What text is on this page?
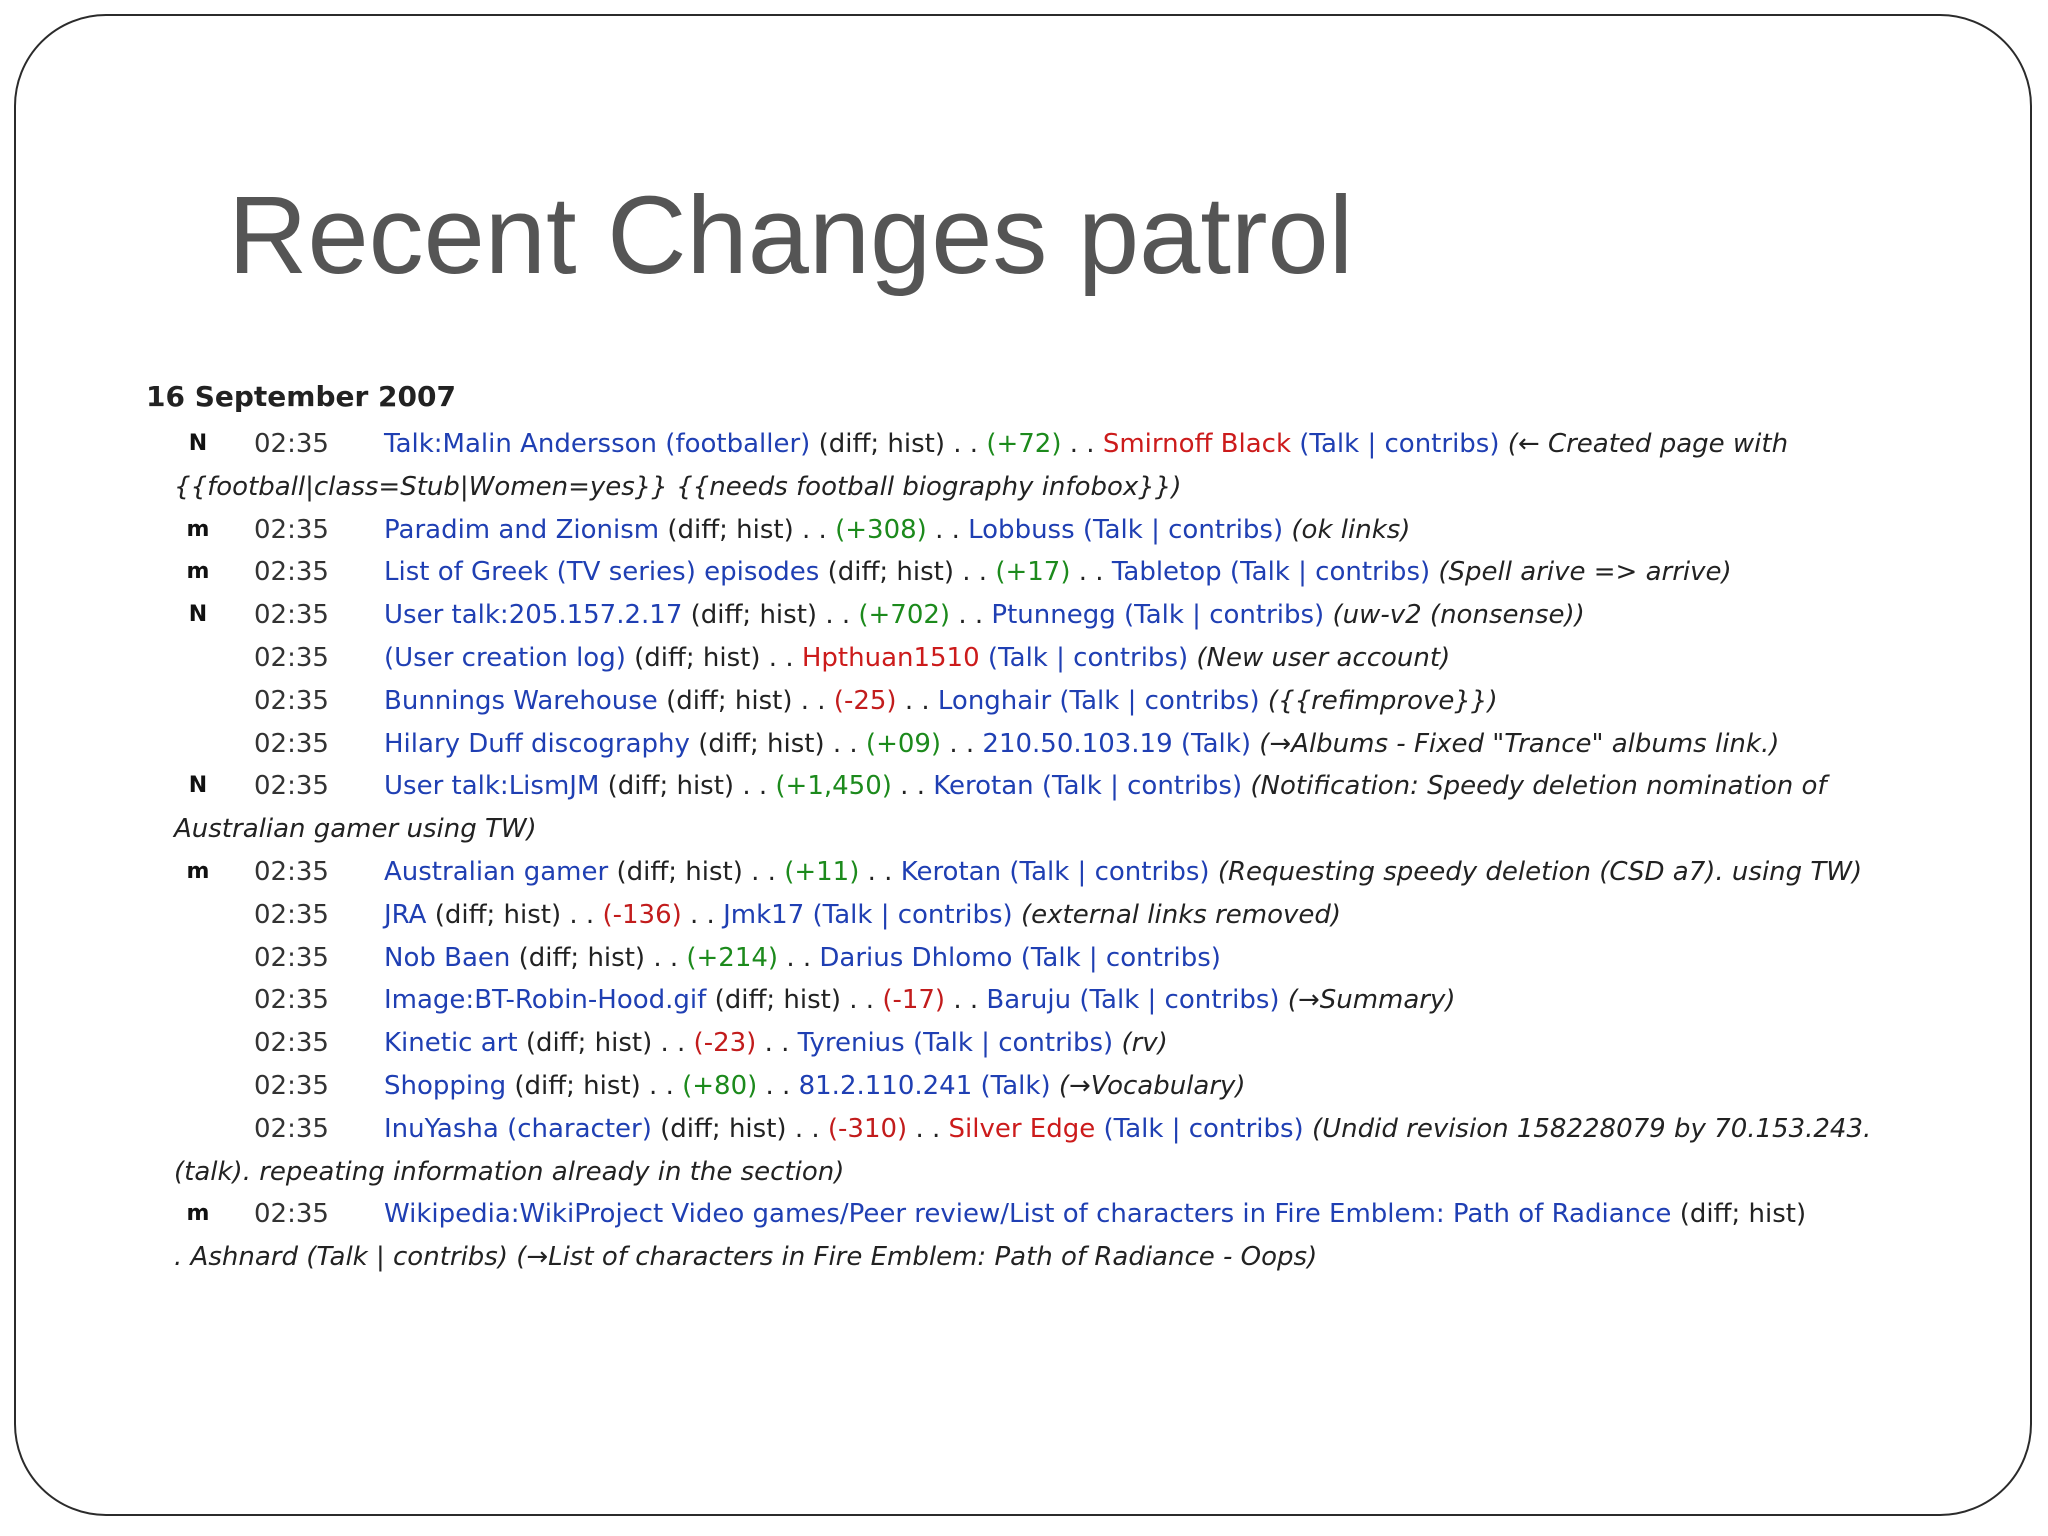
Recent Changes patrol
16 September 2007
N 02:35 Talk:Malin Andersson (footballer) (diff; hist) . . (+72) . . Smirnoff Black (Talk | contribs) (← Created page with
{{football|class=Stub|Women=yes}} {{needs football biography infobox}})
m 02:35 Paradim and Zionism (diff; hist) . . (+308) . . Lobbuss (Talk | contribs) (ok links)
m 02:35 List of Greek (TV series) episodes (diff; hist) . . (+17) . . Tabletop (Talk | contribs) (Spell arive => arrive)
N 02:35 User talk:205.157.2.17 (diff; hist) . . (+702) . . Ptunnegg (Talk | contribs) (uw-v2 (nonsense))
02:35 (User creation log) (diff; hist) . . Hpthuan1510 (Talk | contribs) (New user account)
02:35 Bunnings Warehouse (diff; hist) . . (-25) . . Longhair (Talk | contribs) ({{refimprove}})
02:35 Hilary Duff discography (diff; hist) . . (+09) . . 210.50.103.19 (Talk) (→Albums - Fixed "Trance" albums link.)
N 02:35 User talk:LismJM (diff; hist) . . (+1,450) . . Kerotan (Talk | contribs) (Notification: Speedy deletion nomination of
Australian gamer using TW)
m 02:35 Australian gamer (diff; hist) . . (+11) . . Kerotan (Talk | contribs) (Requesting speedy deletion (CSD a7). using TW)
02:35 JRA (diff; hist) . . (-136) . . Jmk17 (Talk | contribs) (external links removed)
02:35 Nob Baen (diff; hist) . . (+214) . . Darius Dhlomo (Talk | contribs)
02:35 Image:BT-Robin-Hood.gif (diff; hist) . . (-17) . . Baruju (Talk | contribs) (→Summary)
02:35 Kinetic art (diff; hist) . . (-23) . . Tyrenius (Talk | contribs) (rv)
02:35 Shopping (diff; hist) . . (+80) . . 81.2.110.241 (Talk) (→Vocabulary)
02:35 InuYasha (character) (diff; hist) . . (-310) . . Silver Edge (Talk | contribs) (Undid revision 158228079 by 70.153.243.
(talk). repeating information already in the section)
m 02:35 Wikipedia:WikiProject Video games/Peer review/List of characters in Fire Emblem: Path of Radiance (diff; hist)
. Ashnard (Talk | contribs) (→List of characters in Fire Emblem: Path of Radiance - Oops)
